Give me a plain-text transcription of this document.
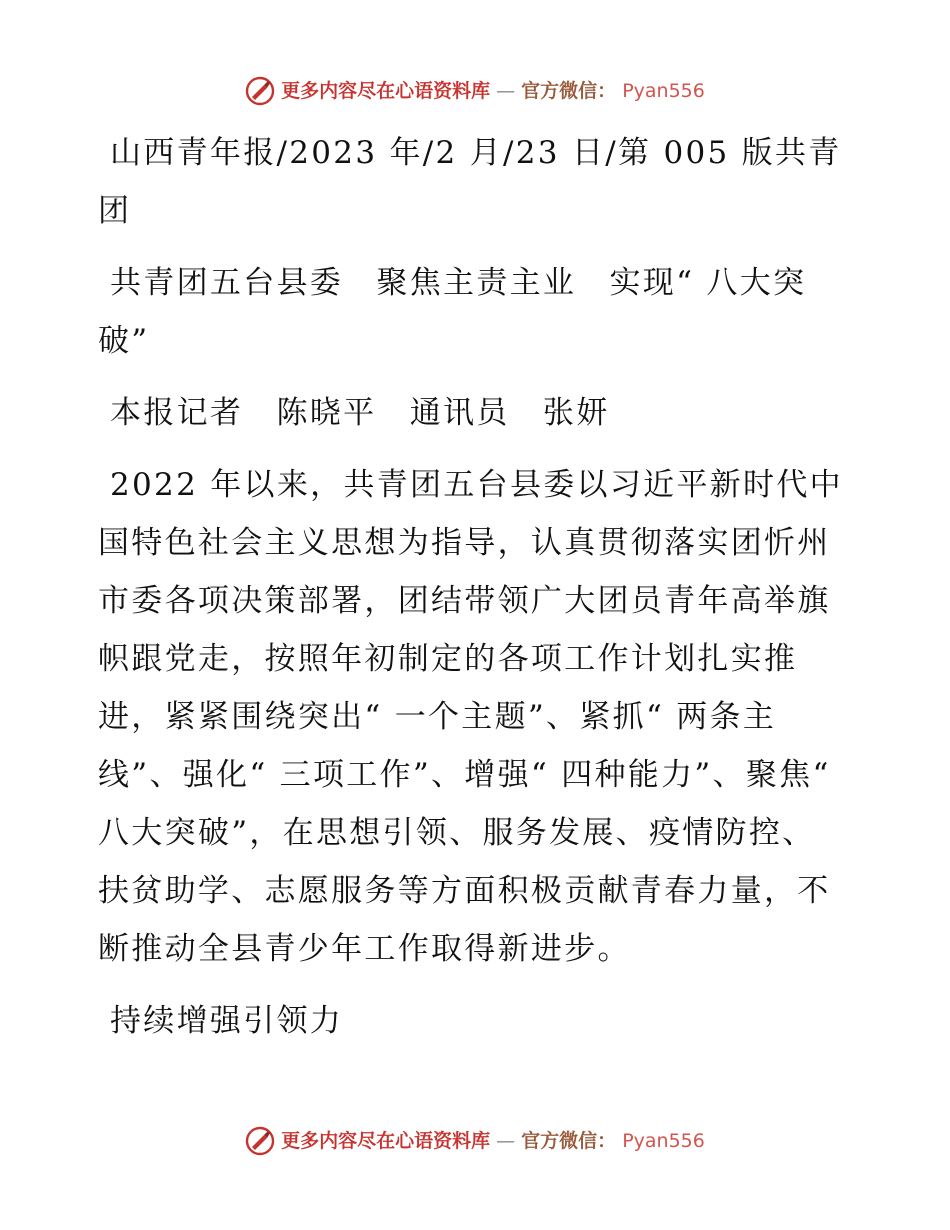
更多内容尽在心语资料库 — 官方微信： Pyan556

山西青年报/2023 年/2 月/23 日/第 005 版共青团

共青团五台县委　聚焦主责主业　实现“ 八大突破”

本报记者　陈晓平　通讯员　张妍

2022 年以来，共青团五台县委以习近平新时代中国特色社会主义思想为指导，认真贯彻落实团忻州市委各项决策部署，团结带领广大团员青年高举旗帜跟党走，按照年初制定的各项工作计划扎实推进，紧紧围绕突出“ 一个主题”、紧抓“ 两条主线”、强化“ 三项工作”、增强“ 四种能力”、聚焦“ 八大突破”，在思想引领、服务发展、疫情防控、扶贫助学、志愿服务等方面积极贡献青春力量，不断推动全县青少年工作取得新进步。

持续增强引领力

更多内容尽在心语资料库 — 官方微信： Pyan556
